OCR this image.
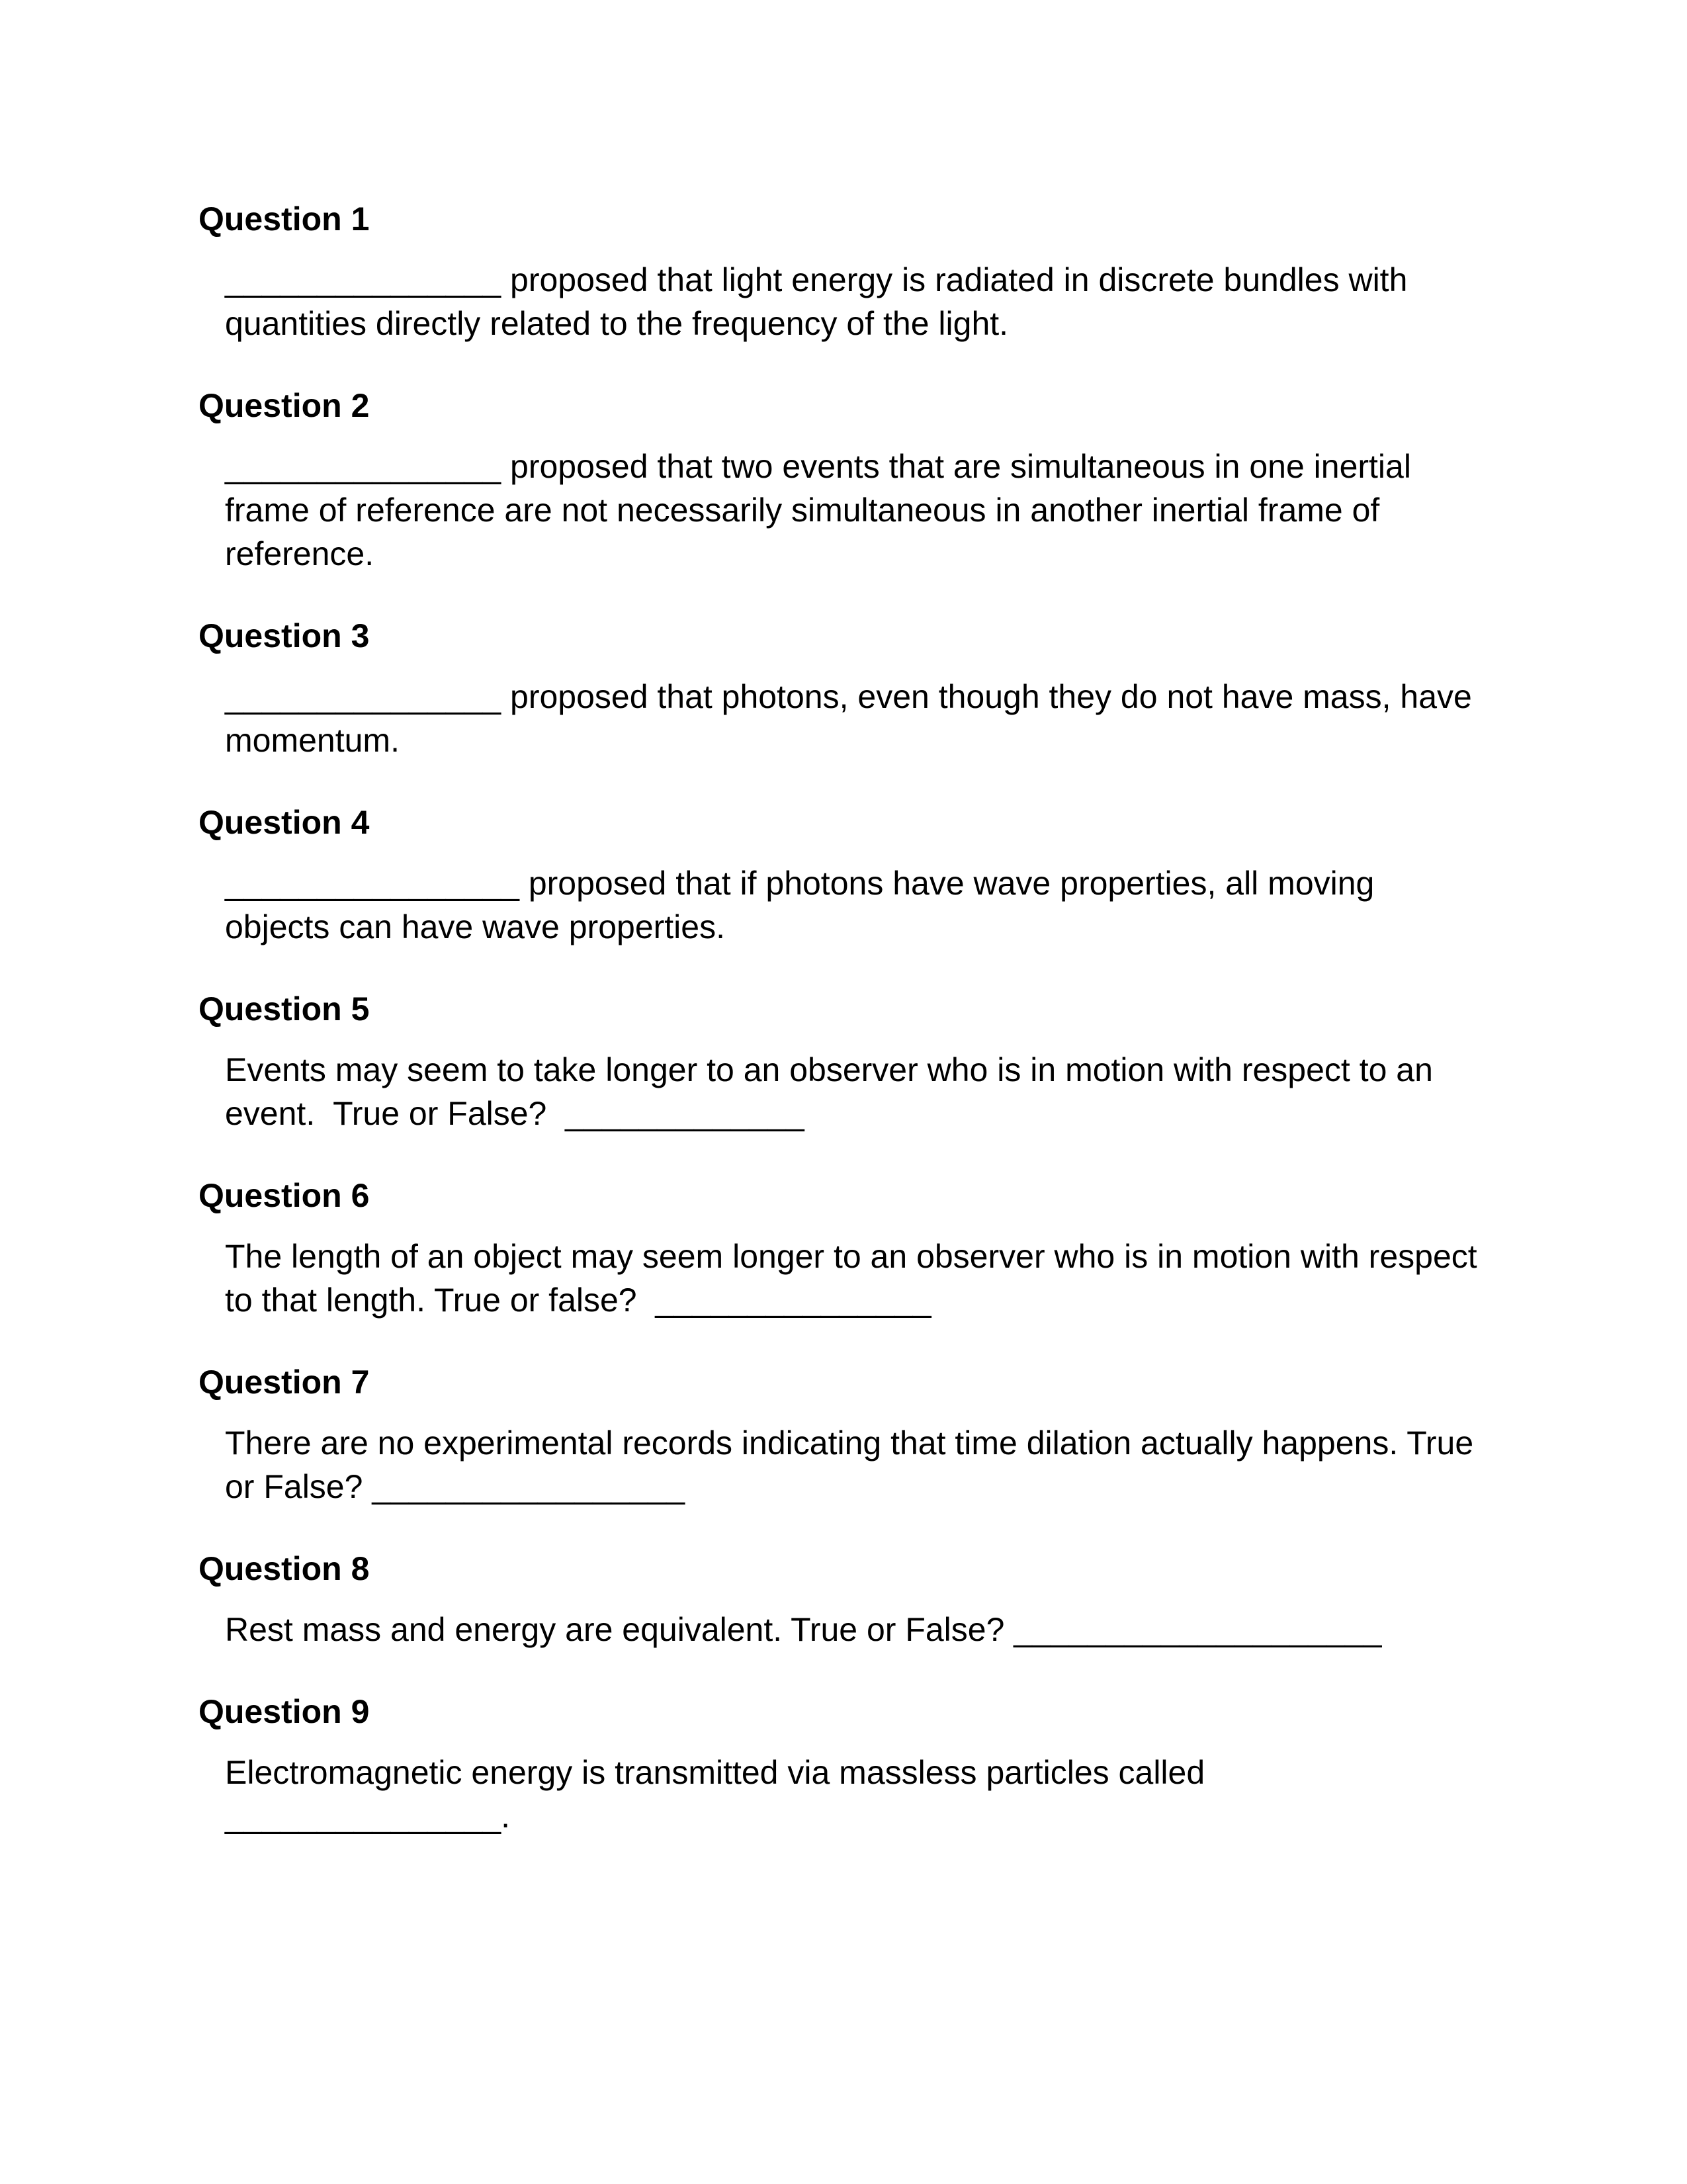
Question 1
_______________ proposed that light energy is radiated in discrete bundles with
quantities directly related to the frequency of the light.
Question 2
_______________ proposed that two events that are simultaneous in one inertial
frame of reference are not necessarily simultaneous in another inertial frame of
reference.
Question 3
_______________ proposed that photons, even though they do not have mass, have
momentum.
Question 4
________________ proposed that if photons have wave properties, all moving
objects can have wave properties.
Question 5
Events may seem to take longer to an observer who is in motion with respect to an
event.  True or False?  _____________
Question 6
The length of an object may seem longer to an observer who is in motion with respect
to that length. True or false?  _______________
Question 7
There are no experimental records indicating that time dilation actually happens. True
or False? _________________
Question 8
Rest mass and energy are equivalent. True or False? ____________________
Question 9
Electromagnetic energy is transmitted via massless particles called
_______________.
